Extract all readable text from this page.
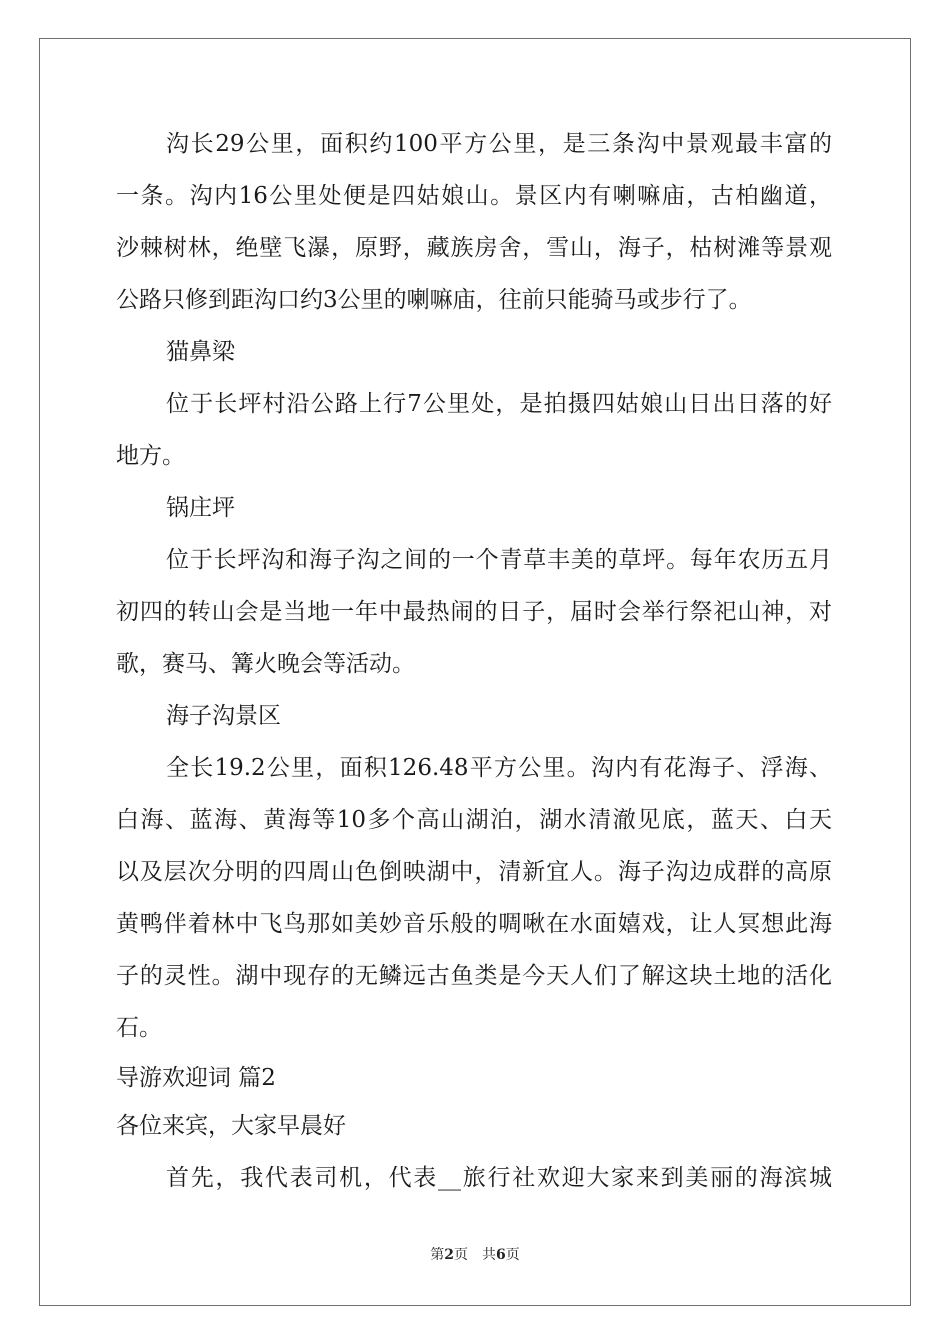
沟长29公里，面积约100平方公里，是三条沟中景观最丰富的
一条。沟内16公里处便是四姑娘山。景区内有喇嘛庙，古柏幽道，
沙棘树林，绝壁飞瀑，原野，藏族房舍，雪山，海子，枯树滩等景观
公路只修到距沟口约3公里的喇嘛庙，往前只能骑马或步行了。
猫鼻梁
位于长坪村沿公路上行7公里处，是拍摄四姑娘山日出日落的好
地方。
锅庄坪
位于长坪沟和海子沟之间的一个青草丰美的草坪。每年农历五月
初四的转山会是当地一年中最热闹的日子，届时会举行祭祀山神，对
歌，赛马、篝火晚会等活动。
海子沟景区
全长19.2公里，面积126.48平方公里。沟内有花海子、浮海、
白海、蓝海、黄海等10多个高山湖泊，湖水清澈见底，蓝天、白天
以及层次分明的四周山色倒映湖中，清新宜人。海子沟边成群的高原
黄鸭伴着林中飞鸟那如美妙音乐般的啁啾在水面嬉戏，让人冥想此海
子的灵性。湖中现存的无鳞远古鱼类是今天人们了解这块土地的活化
石。
导游欢迎词 篇2
各位来宾，大家早晨好
首先，我代表司机，代表__旅行社欢迎大家来到美丽的海滨城
第2页 共6页
